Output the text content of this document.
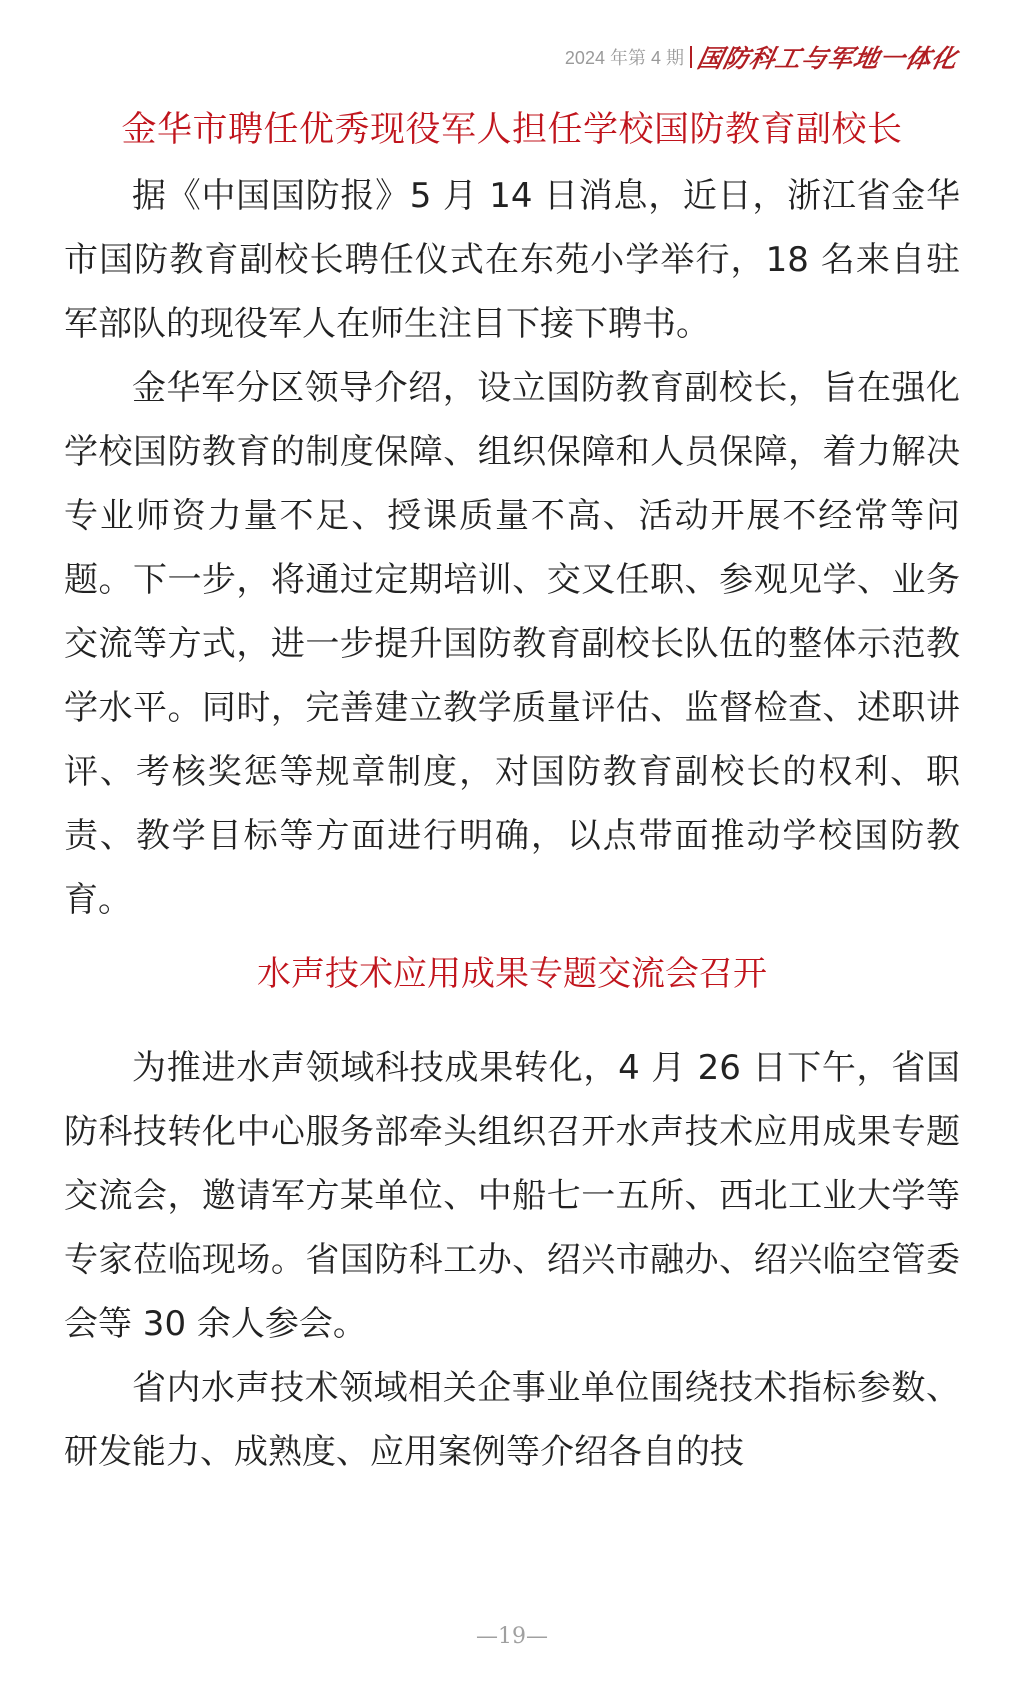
2024 年第 4 期 国防科工与军地一体化
金华市聘任优秀现役军人担任学校国防教育副校长

据《中国国防报》5 月 14 日消息，近日，浙江省金华市国防教育副校长聘任仪式在东苑小学举行，18 名来自驻军部队的现役军人在师生注目下接下聘书。

金华军分区领导介绍，设立国防教育副校长，旨在强化学校国防教育的制度保障、组织保障和人员保障，着力解决专业师资力量不足、授课质量不高、活动开展不经常等问题。下一步，将通过定期培训、交叉任职、参观见学、业务交流等方式，进一步提升国防教育副校长队伍的整体示范教学水平。同时，完善建立教学质量评估、监督检查、述职讲评、考核奖惩等规章制度，对国防教育副校长的权利、职责、教学目标等方面进行明确，以点带面推动学校国防教育。

水声技术应用成果专题交流会召开

为推进水声领域科技成果转化，4 月 26 日下午，省国防科技转化中心服务部牵头组织召开水声技术应用成果专题交流会，邀请军方某单位、中船七一五所、西北工业大学等专家莅临现场。省国防科工办、绍兴市融办、绍兴临空管委会等 30 余人参会。

省内水声技术领域相关企事业单位围绕技术指标参数、研发能力、成熟度、应用案例等介绍各自的技

—19—
